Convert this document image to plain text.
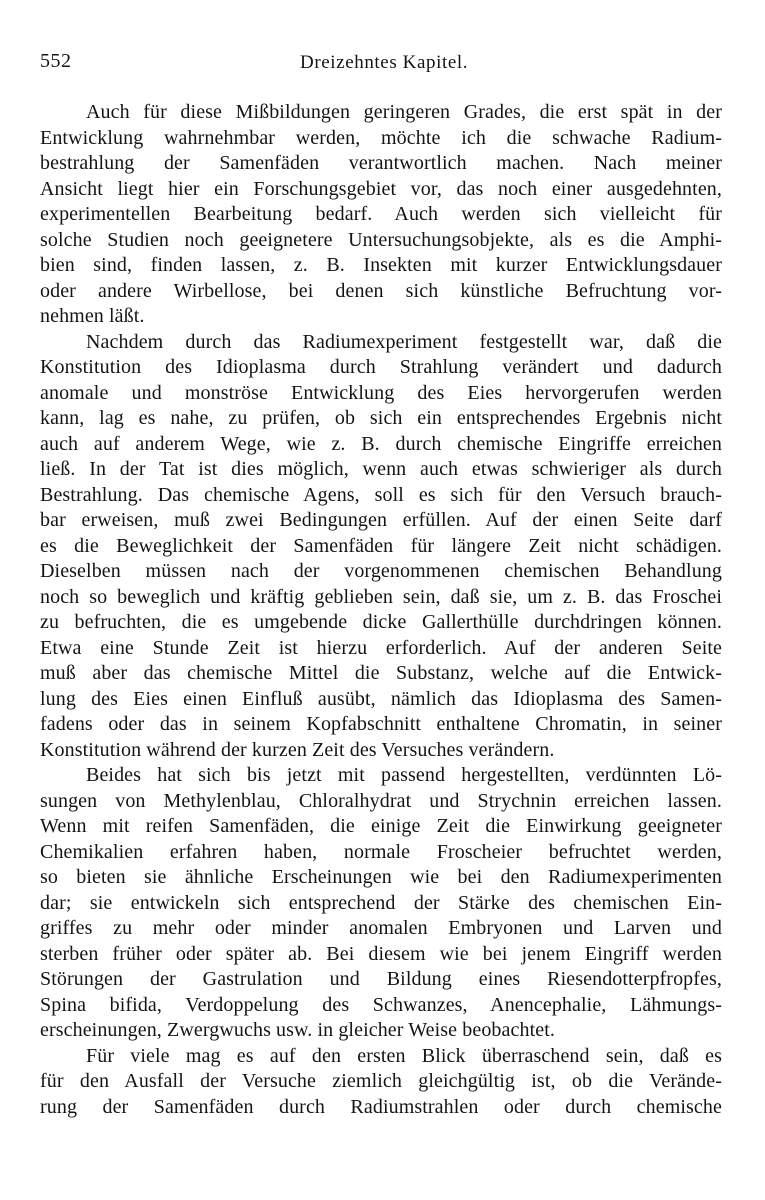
552	Dreizehntes Kapitel.
Auch für diese Mißbildungen geringeren Grades, die erst spät in der
Entwicklung wahrnehmbar werden, möchte ich die schwache Radium-
bestrahlung der Samenfäden verantwortlich machen. Nach meiner
Ansicht liegt hier ein Forschungsgebiet vor, das noch einer ausgedehnten,
experimentellen Bearbeitung bedarf. Auch werden sich vielleicht für
solche Studien noch geeignetere Untersuchungsobjekte, als es die Amphi-
bien sind, finden lassen, z. B. Insekten mit kurzer Entwicklungsdauer
oder andere Wirbellose, bei denen sich künstliche Befruchtung vor-
nehmen läßt.
Nachdem durch das Radiumexperiment festgestellt war, daß die
Konstitution des Idioplasma durch Strahlung verändert und dadurch
anomale und monströse Entwicklung des Eies hervorgerufen werden
kann, lag es nahe, zu prüfen, ob sich ein entsprechendes Ergebnis nicht
auch auf anderem Wege, wie z. B. durch chemische Eingriffe erreichen
ließ. In der Tat ist dies möglich, wenn auch etwas schwieriger als durch
Bestrahlung. Das chemische Agens, soll es sich für den Versuch brauch-
bar erweisen, muß zwei Bedingungen erfüllen. Auf der einen Seite darf
es die Beweglichkeit der Samenfäden für längere Zeit nicht schädigen.
Dieselben müssen nach der vorgenommenen chemischen Behandlung
noch so beweglich und kräftig geblieben sein, daß sie, um z. B. das Froschei
zu befruchten, die es umgebende dicke Gallerthülle durchdringen können.
Etwa eine Stunde Zeit ist hierzu erforderlich. Auf der anderen Seite
muß aber das chemische Mittel die Substanz, welche auf die Entwick-
lung des Eies einen Einfluß ausübt, nämlich das Idioplasma des Samen-
fadens oder das in seinem Kopfabschnitt enthaltene Chromatin, in seiner
Konstitution während der kurzen Zeit des Versuches verändern.
Beides hat sich bis jetzt mit passend hergestellten, verdünnten Lö-
sungen von Methylenblau, Chloralhydrat und Strychnin erreichen lassen.
Wenn mit reifen Samenfäden, die einige Zeit die Einwirkung geeigneter
Chemikalien erfahren haben, normale Froscheier befruchtet werden,
so bieten sie ähnliche Erscheinungen wie bei den Radiumexperimenten
dar; sie entwickeln sich entsprechend der Stärke des chemischen Ein-
griffes zu mehr oder minder anomalen Embryonen und Larven und
sterben früher oder später ab. Bei diesem wie bei jenem Eingriff werden
Störungen der Gastrulation und Bildung eines Riesendotterpfropfes,
Spina bifida, Verdoppelung des Schwanzes, Anencephalie, Lähmungs-
erscheinungen, Zwergwuchs usw. in gleicher Weise beobachtet.
Für viele mag es auf den ersten Blick überraschend sein, daß es
für den Ausfall der Versuche ziemlich gleichgültig ist, ob die Verände-
rung der Samenfäden durch Radiumstrahlen oder durch chemische
